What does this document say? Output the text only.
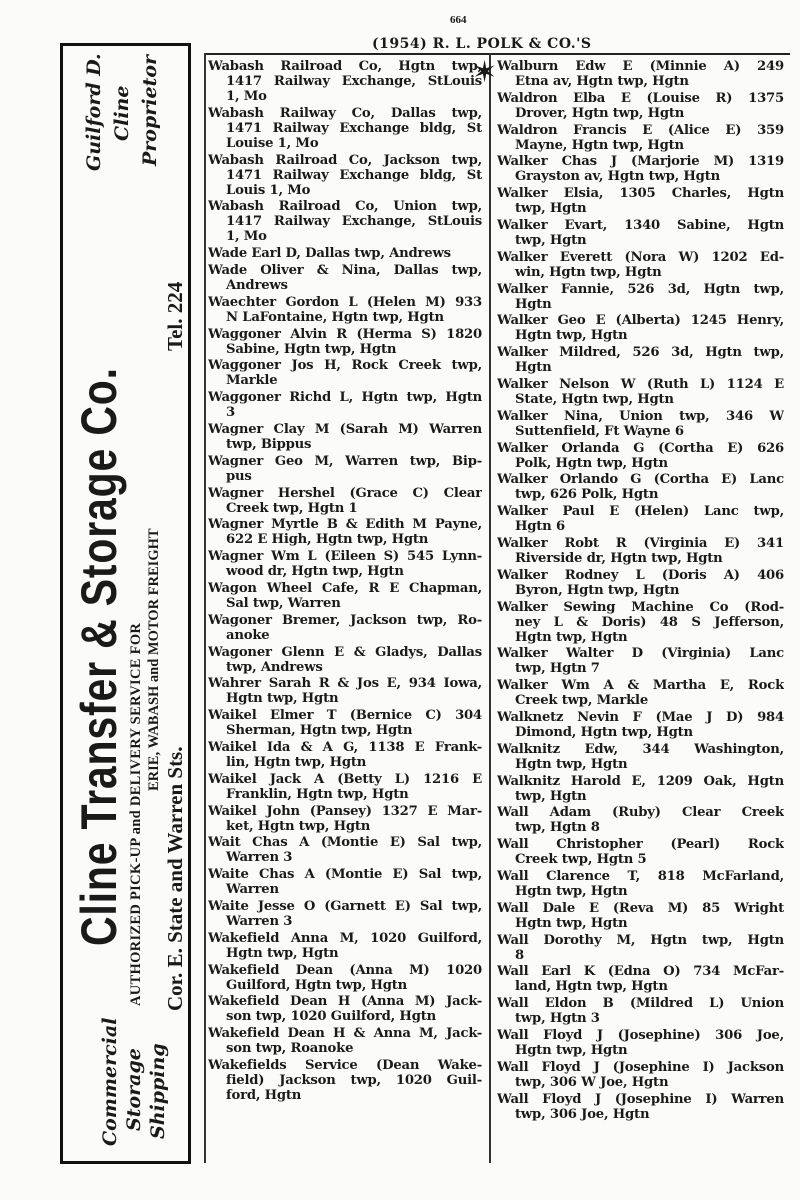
664
(1954) R. L. POLK & CO.'S
✶
Commercial Storage Shipping
Cline Transfer & Storage Co. AUTHORIZED PICK-UP and DELIVERY SERVICE FOR ERIE, WABASH and MOTOR FREIGHT
Cor. E. State and Warren Sts.
Tel. 224
Guilford D. Cline Proprietor	Wabash Railroad Co, Hgtn twp,
1417 Railway Exchange, StLouis
1, Mo
Wabash Railway Co, Dallas twp,
1471 Railway Exchange bldg, St
Louise 1, Mo
Wabash Railroad Co, Jackson twp,
1471 Railway Exchange bldg, St
Louis 1, Mo
Wabash Railroad Co, Union twp,
1417 Railway Exchange, StLouis
1, Mo
Wade Earl D, Dallas twp, Andrews
Wade Oliver & Nina, Dallas twp,
Andrews
Waechter Gordon L (Helen M) 933
N LaFontaine, Hgtn twp, Hgtn
Waggoner Alvin R (Herma S) 1820
Sabine, Hgtn twp, Hgtn
Waggoner Jos H, Rock Creek twp,
Markle
Waggoner Richd L, Hgtn twp, Hgtn
3
Wagner Clay M (Sarah M) Warren
twp, Bippus
Wagner Geo M, Warren twp, Bip-
pus
Wagner Hershel (Grace C) Clear
Creek twp, Hgtn 1
Wagner Myrtle B & Edith M Payne,
622 E High, Hgtn twp, Hgtn
Wagner Wm L (Eileen S) 545 Lynn-
wood dr, Hgtn twp, Hgtn
Wagon Wheel Cafe, R E Chapman,
Sal twp, Warren
Wagoner Bremer, Jackson twp, Ro-
anoke
Wagoner Glenn E & Gladys, Dallas
twp, Andrews
Wahrer Sarah R & Jos E, 934 Iowa,
Hgtn twp, Hgtn
Waikel Elmer T (Bernice C) 304
Sherman, Hgtn twp, Hgtn
Waikel Ida & A G, 1138 E Frank-
lin, Hgtn twp, Hgtn
Waikel Jack A (Betty L) 1216 E
Franklin, Hgtn twp, Hgtn
Waikel John (Pansey) 1327 E Mar-
ket, Hgtn twp, Hgtn
Wait Chas A (Montie E) Sal twp,
Warren 3
Waite Chas A (Montie E) Sal twp,
Warren
Waite Jesse O (Garnett E) Sal twp,
Warren 3
Wakefield Anna M, 1020 Guilford,
Hgtn twp, Hgtn
Wakefield Dean (Anna M) 1020
Guilford, Hgtn twp, Hgtn
Wakefield Dean H (Anna M) Jack-
son twp, 1020 Guilford, Hgtn
Wakefield Dean H & Anna M, Jack-
son twp, Roanoke
Wakefields Service (Dean Wake-
field) Jackson twp, 1020 Guil-
ford, Hgtn
Walburn Edw E (Minnie A) 249
Etna av, Hgtn twp, Hgtn
Waldron Elba E (Louise R) 1375
Drover, Hgtn twp, Hgtn
Waldron Francis E (Alice E) 359
Mayne, Hgtn twp, Hgtn
Walker Chas J (Marjorie M) 1319
Grayston av, Hgtn twp, Hgtn
Walker Elsia, 1305 Charles, Hgtn
twp, Hgtn
Walker Evart, 1340 Sabine, Hgtn
twp, Hgtn
Walker Everett (Nora W) 1202 Ed-
win, Hgtn twp, Hgtn
Walker Fannie, 526 3d, Hgtn twp,
Hgtn
Walker Geo E (Alberta) 1245 Henry,
Hgtn twp, Hgtn
Walker Mildred, 526 3d, Hgtn twp,
Hgtn
Walker Nelson W (Ruth L) 1124 E
State, Hgtn twp, Hgtn
Walker Nina, Union twp, 346 W
Suttenfield, Ft Wayne 6
Walker Orlanda G (Cortha E) 626
Polk, Hgtn twp, Hgtn
Walker Orlando G (Cortha E) Lanc
twp, 626 Polk, Hgtn
Walker Paul E (Helen) Lanc twp,
Hgtn 6
Walker Robt R (Virginia E) 341
Riverside dr, Hgtn twp, Hgtn
Walker Rodney L (Doris A) 406
Byron, Hgtn twp, Hgtn
Walker Sewing Machine Co (Rod-
ney L & Doris) 48 S Jefferson,
Hgtn twp, Hgtn
Walker Walter D (Virginia) Lanc
twp, Hgtn 7
Walker Wm A & Martha E, Rock
Creek twp, Markle
Walknetz Nevin F (Mae J D) 984
Dimond, Hgtn twp, Hgtn
Walknitz Edw, 344 Washington,
Hgtn twp, Hgtn
Walknitz Harold E, 1209 Oak, Hgtn
twp, Hgtn
Wall Adam (Ruby) Clear Creek
twp, Hgtn 8
Wall Christopher (Pearl) Rock
Creek twp, Hgtn 5
Wall Clarence T, 818 McFarland,
Hgtn twp, Hgtn
Wall Dale E (Reva M) 85 Wright
Hgtn twp, Hgtn
Wall Dorothy M, Hgtn twp, Hgtn
8
Wall Earl K (Edna O) 734 McFar-
land, Hgtn twp, Hgtn
Wall Eldon B (Mildred L) Union
twp, Hgtn 3
Wall Floyd J (Josephine) 306 Joe,
Hgtn twp, Hgtn
Wall Floyd J (Josephine I) Jackson
twp, 306 W Joe, Hgtn
Wall Floyd J (Josephine I) Warren
twp, 306 Joe, Hgtn
